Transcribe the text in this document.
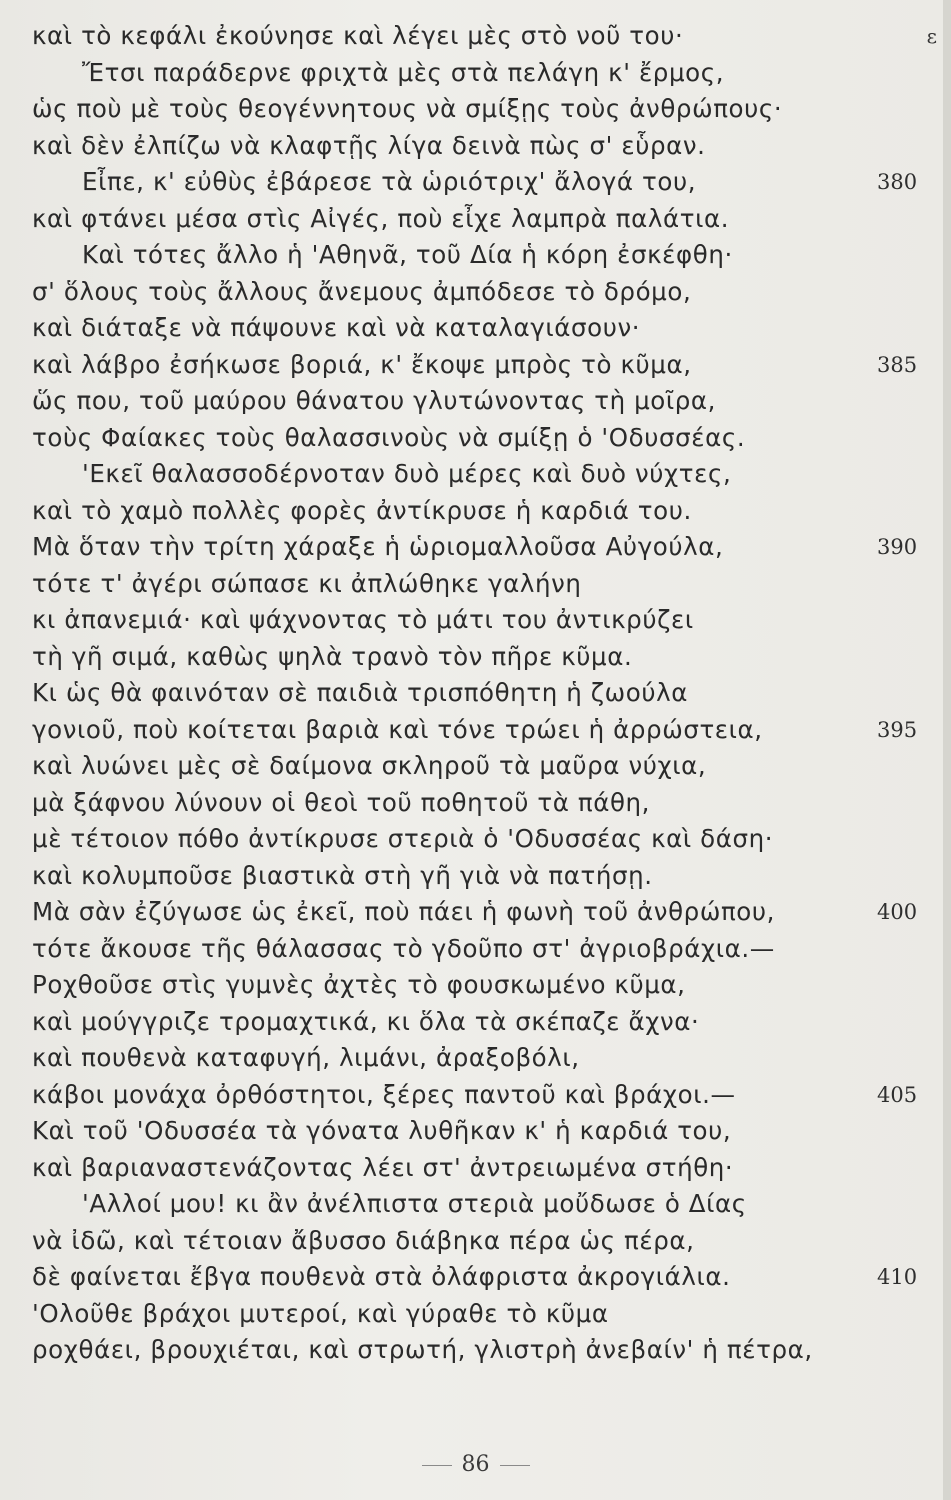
ε
καὶ τὸ κεφάλι ἐκούνησε καὶ λέγει μὲς στὸ νοῦ του·
Ἔτσι παράδερνε φριχτὰ μὲς στὰ πελάγη κ' ἔρμος,
ὡς ποὺ μὲ τοὺς θεογέννητους νὰ σμίξῃς τοὺς ἀνθρώπους·
καὶ δὲν ἐλπίζω νὰ κλαφτῇς λίγα δεινὰ πὼς σ' εὗραν.
Εἶπε, κ' εὐθὺς ἐβάρεσε τὰ ὡριότριχ' ἄλογά του,	380
καὶ φτάνει μέσα στὶς Αἰγές, ποὺ εἶχε λαμπρὰ παλάτια.
Καὶ τότες ἄλλο ἡ 'Αθηνᾶ, τοῦ Δία ἡ κόρη ἐσκέφθη·
σ' ὅλους τοὺς ἄλλους ἄνεμους ἀμπόδεσε τὸ δρόμο,
καὶ διάταξε νὰ πάψουνε καὶ νὰ καταλαγιάσουν·
καὶ λάβρο ἐσήκωσε βοριά, κ' ἔκοψε μπρὸς τὸ κῦμα,	385
ὥς που, τοῦ μαύρου θάνατου γλυτώνοντας τὴ μοῖρα,
τοὺς Φαίακες τοὺς θαλασσινοὺς νὰ σμίξῃ ὁ 'Οδυσσέας.
'Εκεῖ θαλασσοδέρνοταν δυὸ μέρες καὶ δυὸ νύχτες,
καὶ τὸ χαμὸ πολλὲς φορὲς ἀντίκρυσε ἡ καρδιά του.
Μὰ ὅταν τὴν τρίτη χάραξε ἡ ὡριομαλλοῦσα Αὐγούλα,	390
τότε τ' ἀγέρι σώπασε κι ἀπλώθηκε γαλήνη
κι ἀπανεμιά· καὶ ψάχνοντας τὸ μάτι του ἀντικρύζει
τὴ γῆ σιμά, καθὼς ψηλὰ τρανὸ τὸν πῆρε κῦμα.
Κι ὡς θὰ φαινόταν σὲ παιδιὰ τρισπόθητη ἡ ζωούλα
γονιοῦ, ποὺ κοίτεται βαριὰ καὶ τόνε τρώει ἡ ἀρρώστεια,	395
καὶ λυώνει μὲς σὲ δαίμονα σκληροῦ τὰ μαῦρα νύχια,
μὰ ξάφνου λύνουν οἱ θεοὶ τοῦ ποθητοῦ τὰ πάθη,
μὲ τέτοιον πόθο ἀντίκρυσε στεριὰ ὁ 'Οδυσσέας καὶ δάση·
καὶ κολυμποῦσε βιαστικὰ στὴ γῆ γιὰ νὰ πατήσῃ.
Μὰ σὰν ἐζύγωσε ὡς ἐκεῖ, ποὺ πάει ἡ φωνὴ τοῦ ἀνθρώπου,	400
τότε ἄκουσε τῆς θάλασσας τὸ γδοῦπο στ' ἀγριοβράχια.—
Ροχθοῦσε στὶς γυμνὲς ἀχτὲς τὸ φουσκωμένο κῦμα,
καὶ μούγγριζε τρομαχτικά, κι ὅλα τὰ σκέπαζε ἄχνα·
καὶ πουθενὰ καταφυγή, λιμάνι, ἀραξοβόλι,
κάβοι μονάχα ὀρθόστητοι, ξέρες παντοῦ καὶ βράχοι.—	405
Καὶ τοῦ 'Οδυσσέα τὰ γόνατα λυθῆκαν κ' ἡ καρδιά του,
καὶ βαριαναστενάζοντας λέει στ' ἀντρειωμένα στήθη·
'Αλλοί μου! κι ἂν ἀνέλπιστα στεριὰ μοὔδωσε ὁ Δίας
νὰ ἰδῶ, καὶ τέτοιαν ἄβυσσο διάβηκα πέρα ὡς πέρα,
δὲ φαίνεται ἔβγα πουθενὰ στὰ ὀλάφριστα ἀκρογιάλια.	410
'Ολοῦθε βράχοι μυτεροί, καὶ γύραθε τὸ κῦμα
ροχθάει, βρουχιέται, καὶ στρωτή, γλιστρὴ ἀνεβαίν' ἡ πέτρα,
86
